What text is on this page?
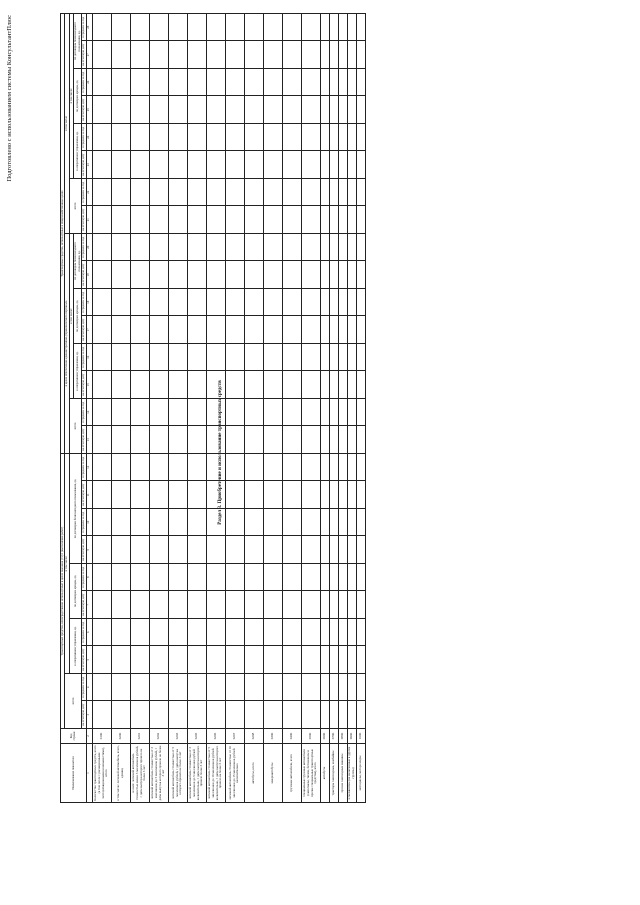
Подготовлено с использованием системы КонсультантПлюс
Раздел 3. Приобретение и использование транспортных средств
Наименование показателя	Код строки	Транспортные средства, непосредственно используемые в целях оказания услуг (выполнения работ)										Транспортные средства, используемые в общехозяйственных целях															
		всего		в том числе:								в целях обеспечения административно-управленческого персонала								в том числе							
				в оперативном управлении, ед.		по договорам аренды, ед.		по договорам безвозмездного пользования, ед.				всего		в том числе:						всего		в том числе					
														в оперативном управлении, ед.		по договорам аренды, ед.		по договорам безвозмездного пользования, ед.				в оперативном управлении, ед.		по договорам аренды, ед.		по договорам безвозмездного пользования, ед.	
		на отчетную дату	в среднем за год	на отчетную дату	в среднем за год	на отчетную дату	в среднем за год	на отчетную дату	в среднем за год	на отчетную дату	в среднем за год	на отчетную дату	в среднем за год	на отчетную дату	в среднем за год	на отчетную дату	в среднем за год	на отчетную дату	в среднем за год	на отчетную дату	в среднем за год	на отчетную дату	в среднем за год	на отчетную дату	в среднем за год	на отчетную дату	в среднем за год
1	2	3	4	5	6	7	8	9	10	11	12	13	14	15	16	17	18	19	20	21	22	23	24	25	26	27	28
Количество транспортных средств, всего (в том числе с расширенными эксплуатационными возможностями), итого	0100																										
в том числе: легковой автомобиль, всего, единиц	0200																										
из них: легковой автомобиль стоимостью менее 3 миллионов рублей, с даты выпуска которого прошло не более 3 лет	0201																										
легковой автомобиль стоимостью от 3 миллионов до 5 миллионов рублей, с даты выпуска которого прошло не более 3 лет	0202																										
легковой автомобиль стоимостью от 5 миллионов рублей, с даты выпуска которого прошло не более 3 лет	0203																										
легковой автомобиль стоимостью от 3 миллионов до 5 миллионов рублей включительно, с даты выпуска которого прошло более 3 лет	0205																										
легковой автомобиль стоимостью от 5 миллионов до 10 миллионов рублей включительно, с даты выпуска которого прошло не более 3 лет	0206																										
легковой автомобиль стоимостью от 10 миллионов до 15 миллионов рублей включительно	0207																										
автобусы, всего	0208																										
микроавтобусы	0300																										
грузовые автомобили, всего	0400																										
специальные грузовые автомобили (самосвалы, тягачи, бетоновозы и прочие специальные транспортные средства), всего	0500																										
автобусы	0600																										
тракторы самоходные, комбайны	0700																										
прочие самоходные машины	0800																										
и механизмы (не включенные в другие группы)	0900																										
мотоциклы, мотороллеры	1000																										
